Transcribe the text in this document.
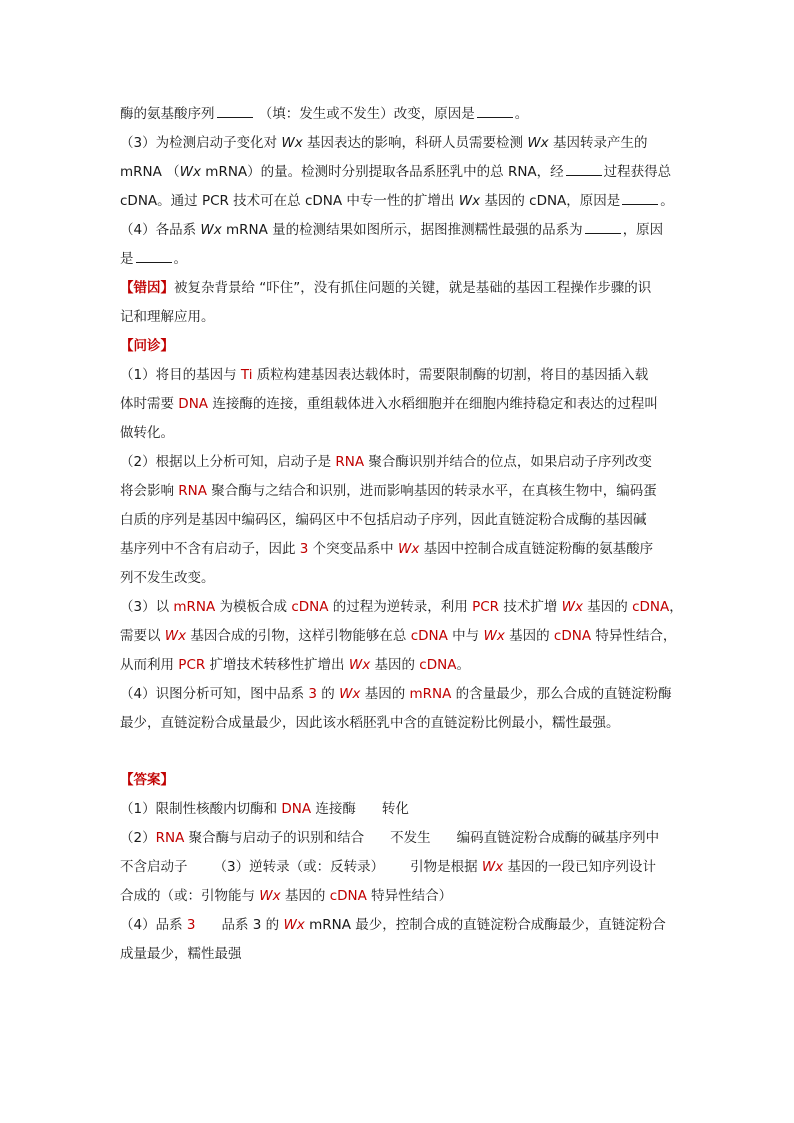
酶的氨基酸序列	（填：发生或不发生）改变，原因是	。
（3）为检测启动子变化对 Wx 基因表达的影响，科研人员需要检测 Wx 基因转录产生的
mRNA （Wx mRNA）的量。检测时分别提取各品系胚乳中的总 RNA，经	过程获得总
cDNA。通过 PCR 技术可在总 cDNA 中专一性的扩增出 Wx 基因的 cDNA，原因是	。
（4）各品系 Wx mRNA 量的检测结果如图所示，据图推测糯性最强的品系为	，原因
是	。
【错因】被复杂背景给 “吓住”，没有抓住问题的关键，就是基础的基因工程操作步骤的识
记和理解应用。
【问诊】
（1）将目的基因与 Ti 质粒构建基因表达载体时，需要限制酶的切割，将目的基因插入载
体时需要 DNA 连接酶的连接，重组载体进入水稻细胞并在细胞内维持稳定和表达的过程叫
做转化。
（2）根据以上分析可知，启动子是 RNA 聚合酶识别并结合的位点，如果启动子序列改变
将会影响 RNA 聚合酶与之结合和识别，进而影响基因的转录水平，在真核生物中，编码蛋
白质的序列是基因中编码区，编码区中不包括启动子序列，因此直链淀粉合成酶的基因碱
基序列中不含有启动子，因此 3 个突变品系中 Wx 基因中控制合成直链淀粉酶的氨基酸序
列不发生改变。
（3）以 mRNA 为模板合成 cDNA 的过程为逆转录，利用 PCR 技术扩增 Wx 基因的 cDNA，
需要以 Wx 基因合成的引物，这样引物能够在总 cDNA 中与 Wx 基因的 cDNA 特异性结合，
从而利用 PCR 扩增技术转移性扩增出 Wx 基因的 cDNA。
（4）识图分析可知，图中品系 3 的 Wx 基因的 mRNA 的含量最少，那么合成的直链淀粉酶
最少，直链淀粉合成量最少，因此该水稻胚乳中含的直链淀粉比例最小，糯性最强。
【答案】
（1）限制性核酸内切酶和 DNA 连接酶 转化
（2）RNA 聚合酶与启动子的识别和结合 不发生 编码直链淀粉合成酶的碱基序列中
不含启动子 （3）逆转录（或：反转录） 引物是根据 Wx 基因的一段已知序列设计
合成的（或：引物能与 Wx 基因的 cDNA 特异性结合）
（4）品系 3 品系 3 的 Wx mRNA 最少，控制合成的直链淀粉合成酶最少，直链淀粉合
成量最少，糯性最强
